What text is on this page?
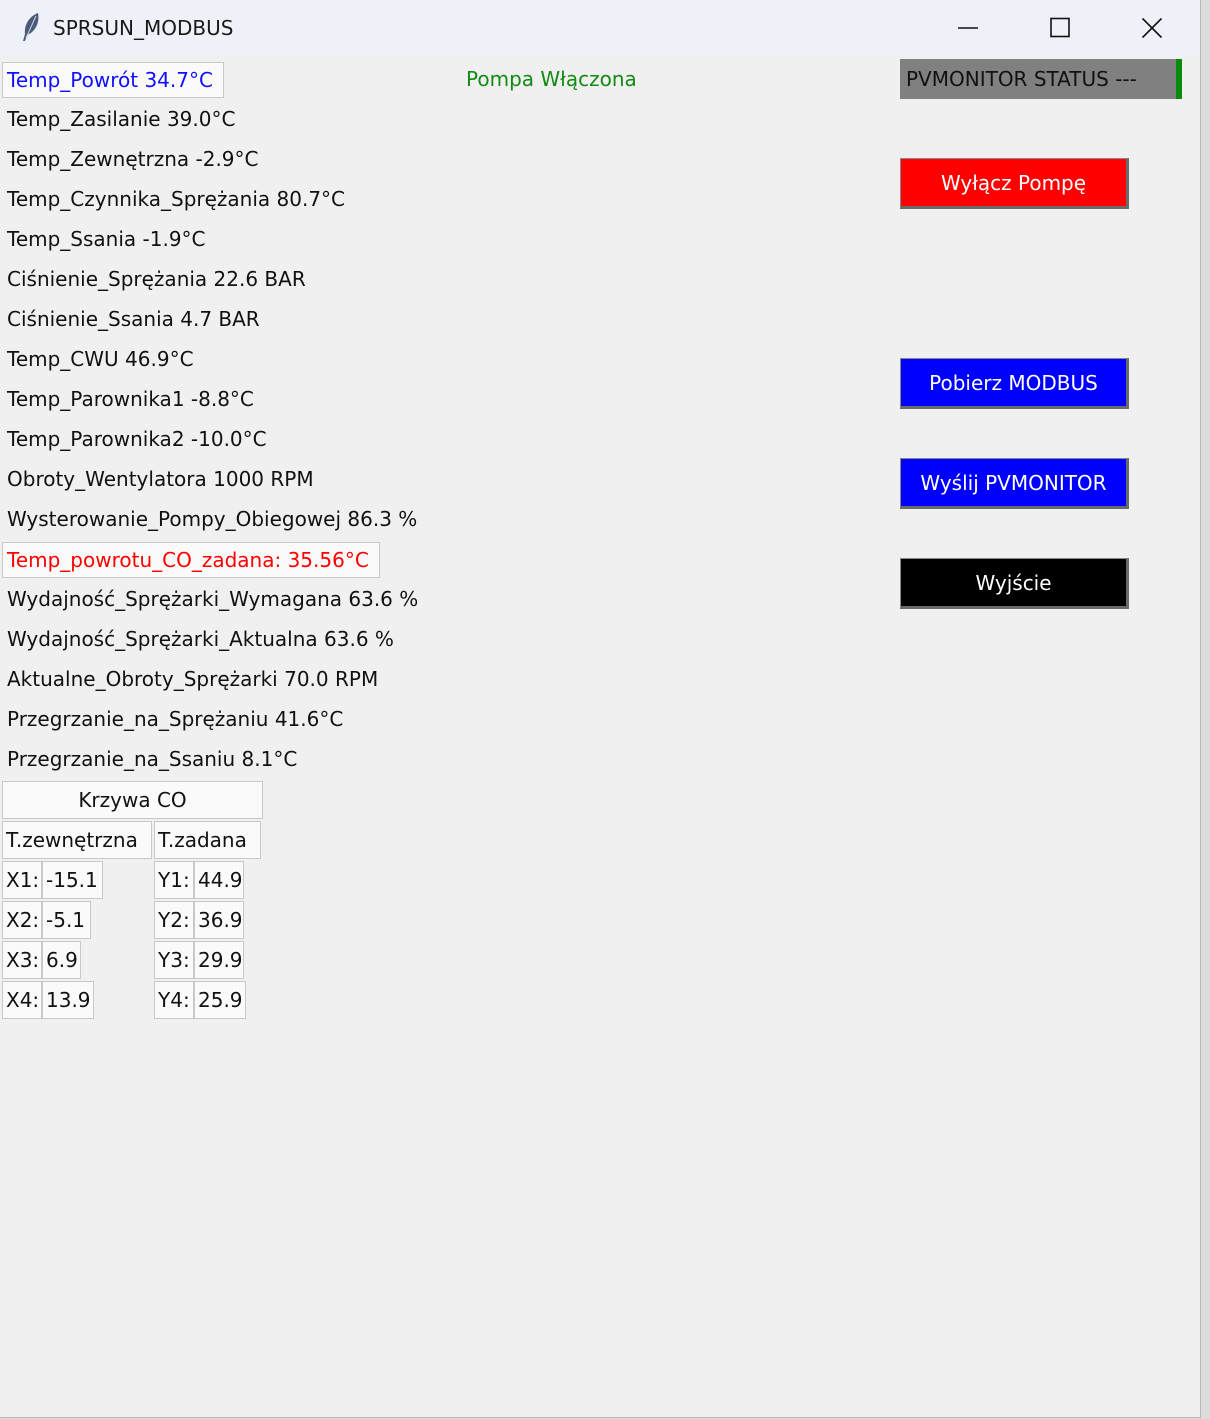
SPRSUN_MODBUS
Temp_Powrót 34.7°C
Temp_Zasilanie 39.0°C
Temp_Zewnętrzna -2.9°C
Temp_Czynnika_Sprężania 80.7°C
Temp_Ssania -1.9°C
Ciśnienie_Sprężania 22.6 BAR
Ciśnienie_Ssania 4.7 BAR
Temp_CWU 46.9°C
Temp_Parownika1 -8.8°C
Temp_Parownika2 -10.0°C
Obroty_Wentylatora 1000 RPM
Wysterowanie_Pompy_Obiegowej 86.3 %
Temp_powrotu_CO_zadana: 35.56°C
Wydajność_Sprężarki_Wymagana 63.6 %
Wydajność_Sprężarki_Aktualna 63.6 %
Aktualne_Obroty_Sprężarki 70.0 RPM
Przegrzanie_na_Sprężaniu 41.6°C
Przegrzanie_na_Ssaniu 8.1°C
Pompa Włączona	PVMONITOR STATUS ---
Wyłącz Pompę
Pobierz MODBUS
Wyślij PVMONITOR
Wyjście
Krzywa CO
T.zewnętrzna	T.zadana
X1: -15.1
X2: -5.1
X3: 6.9
X4: 13.9
Y1: 44.9
Y2: 36.9
Y3: 29.9
Y4: 25.9
